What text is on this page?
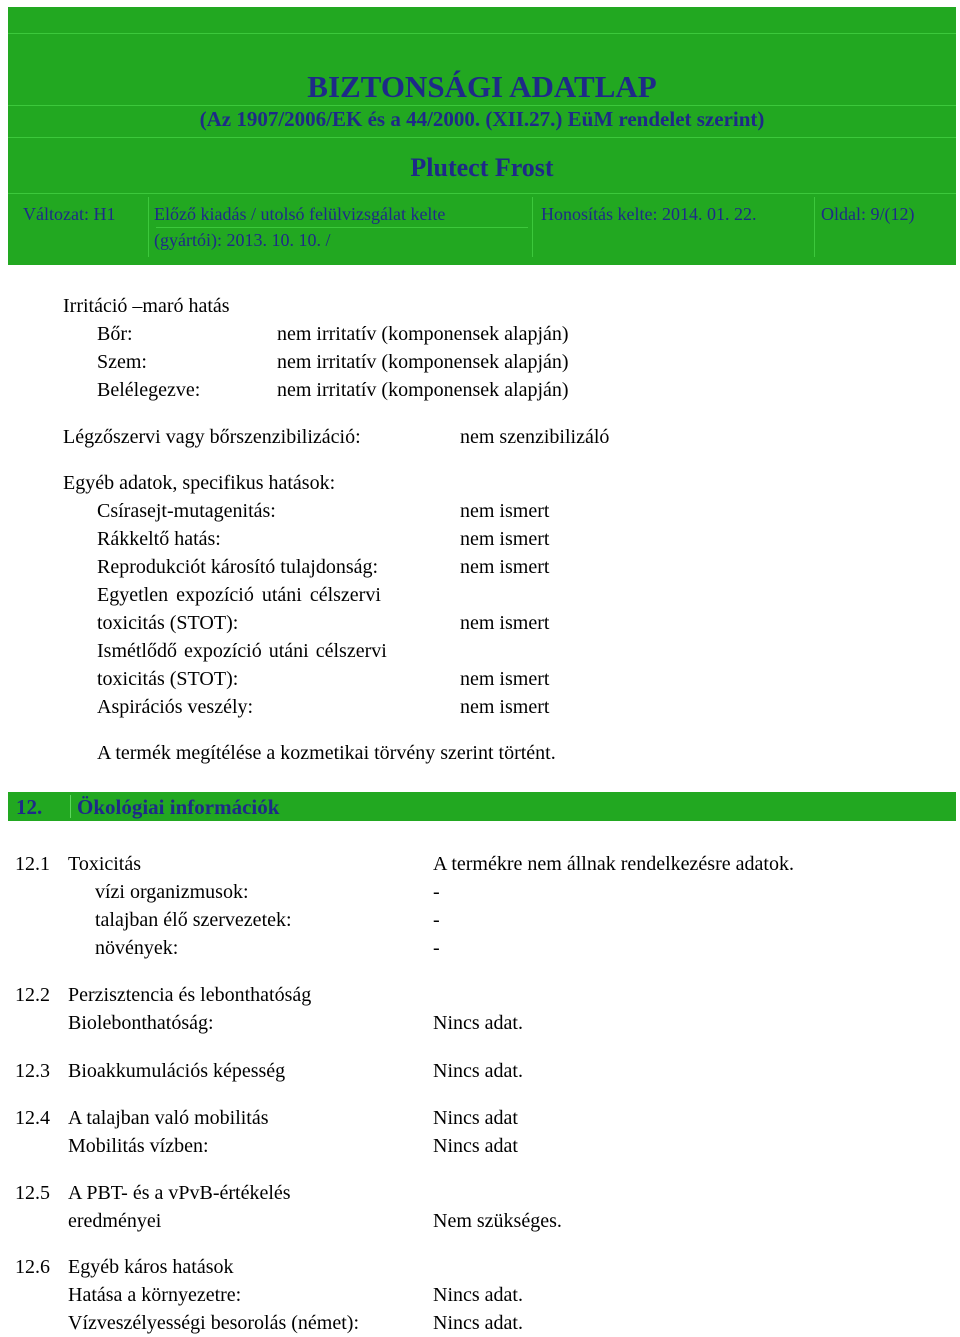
BIZTONSÁGI ADATLAP
(Az 1907/2006/EK és a 44/2000. (XII.27.) EüM rendelet szerint)
Plutect Frost
Változat: H1 Előző kiadás / utolsó felülvizsgálat kelte
(gyártói): 2013. 10. 10. /
Honosítás kelte: 2014. 01. 22.	Oldal: 9/(12)
Irritáció –maró hatás
Bőr:	nem irritatív (komponensek alapján)
Szem:	nem irritatív (komponensek alapján)
Belélegezve:	nem irritatív (komponensek alapján)
Légzőszervi vagy bőrszenzibilizáció:	nem szenzibilizáló
Egyéb adatok, specifikus hatások:
Csírasejt-mutagenitás:	nem ismert
Rákkeltő hatás:	nem ismert
Reprodukciót károsító tulajdonság:	nem ismert
Egyetlen expozíció utáni célszervi
toxicitás (STOT):	nem ismert
Ismétlődő expozíció utáni célszervi
toxicitás (STOT):	nem ismert
Aspirációs veszély:	nem ismert
A termék megítélése a kozmetikai törvény szerint történt.
12. Ökológiai információk
12.1 Toxicitás	A termékre nem állnak rendelkezésre adatok.
vízi organizmusok:	-
talajban élő szervezetek:	-
növények:	-
12.2 Perzisztencia és lebonthatóság
Biolebonthatóság:	Nincs adat.
12.3 Bioakkumulációs képesség	Nincs adat.
12.4 A talajban való mobilitás	Nincs adat
Mobilitás vízben:	Nincs adat
12.5 A PBT- és a vPvB-értékelés
eredményei	Nem szükséges.
12.6 Egyéb káros hatások
Hatása a környezetre:	Nincs adat.
Vízveszélyességi besorolás (német):	Nincs adat.
